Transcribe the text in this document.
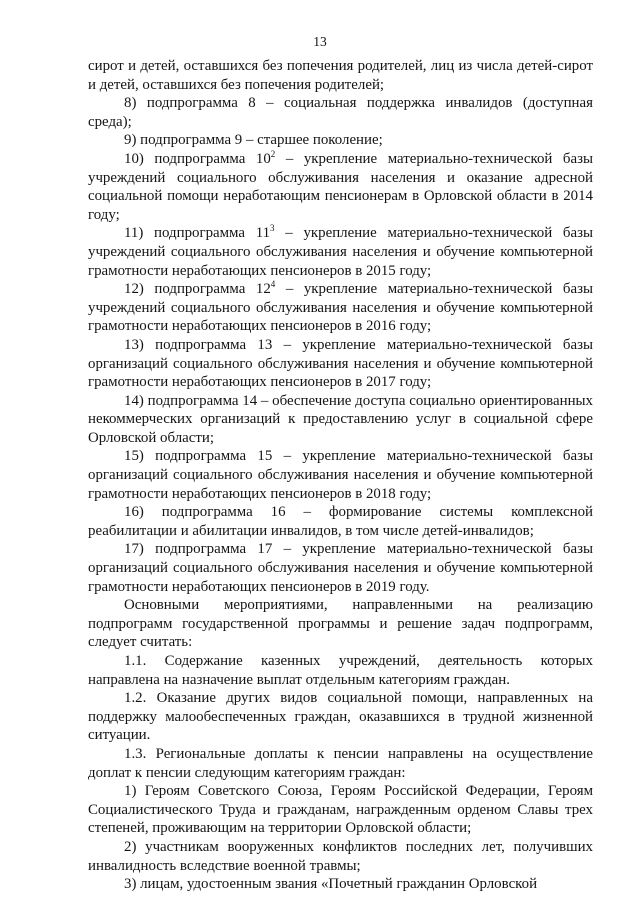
13

сирот и детей, оставшихся без попечения родителей, лиц из числа детей-сирот и детей, оставшихся без попечения родителей;

8) подпрограмма 8 – социальная поддержка инвалидов (доступная среда);

9) подпрограмма 9 – старшее поколение;

10) подпрограмма $10^2$ – укрепление материально-технической базы учреждений социального обслуживания населения и оказание адресной социальной помощи неработающим пенсионерам в Орловской области в 2014 году;

11) подпрограмма $11^3$ – укрепление материально-технической базы учреждений социального обслуживания населения и обучение компьютерной грамотности неработающих пенсионеров в 2015 году;

12) подпрограмма $12^4$ – укрепление материально-технической базы учреждений социального обслуживания населения и обучение компьютерной грамотности неработающих пенсионеров в 2016 году;

13) подпрограмма 13 – укрепление материально-технической базы организаций социального обслуживания населения и обучение компьютерной грамотности неработающих пенсионеров в 2017 году;

14) подпрограмма 14 – обеспечение доступа социально ориентированных некоммерческих организаций к предоставлению услуг в социальной сфере Орловской области;

15) подпрограмма 15 – укрепление материально-технической базы организаций социального обслуживания населения и обучение компьютерной грамотности неработающих пенсионеров в 2018 году;

16) подпрограмма 16 – формирование системы комплексной реабилитации и абилитации инвалидов, в том числе детей-инвалидов;

17) подпрограмма 17 – укрепление материально-технической базы организаций социального обслуживания населения и обучение компьютерной грамотности неработающих пенсионеров в 2019 году.

Основными мероприятиями, направленными на реализацию подпрограмм государственной программы и решение задач подпрограмм, следует считать:

1.1. Содержание казенных учреждений, деятельность которых направлена на назначение выплат отдельным категориям граждан.

1.2. Оказание других видов социальной помощи, направленных на поддержку малообеспеченных граждан, оказавшихся в трудной жизненной ситуации.

1.3. Региональные доплаты к пенсии направлены на осуществление доплат к пенсии следующим категориям граждан:

1) Героям Советского Союза, Героям Российской Федерации, Героям Социалистического Труда и гражданам, награжденным орденом Славы трех степеней, проживающим на территории Орловской области;

2) участникам вооруженных конфликтов последних лет, получивших инвалидность вследствие военной травмы;

3) лицам, удостоенным звания «Почетный гражданин Орловской
